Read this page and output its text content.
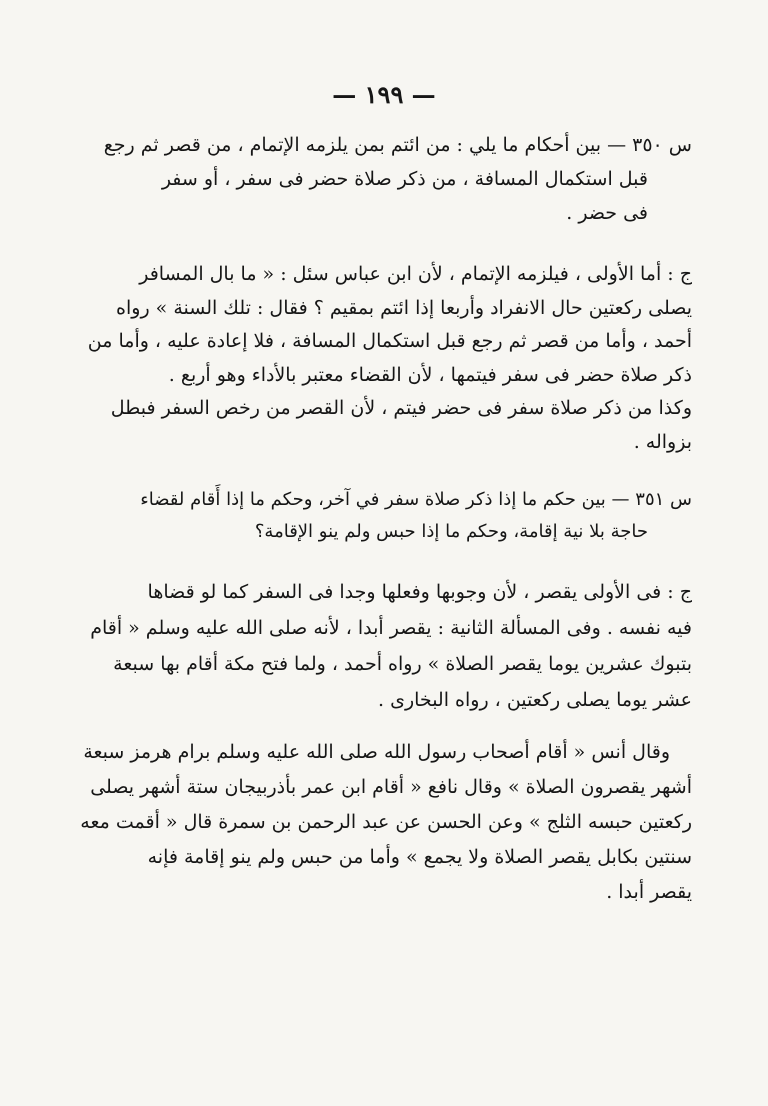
— ١٩٩ —

س ٣٥٠ — بين أحكام ما يلي : من ائتم بمن يلزمه الإتمام ، من قصر ثم رجع
قبل استكمال المسافة ، من ذكر صلاة حضر فى سفر ، أو سفر
فى حضر .

ج : أما الأولى ، فيلزمه الإتمام ، لأن ابن عباس سئل : « ما بال المسافر
يصلى ركعتين حال الانفراد وأربعا إذا ائتم بمقيم ؟ فقال : تلك السنة » رواه
أحمد ، وأما من قصر ثم رجع قبل استكمال المسافة ، فلا إعادة عليه ، وأما من
ذكر صلاة حضر فى سفر فيتمها ، لأن القضاء معتبر بالأداء وهو أربع .
وكذا من ذكر صلاة سفر فى حضر فيتم ، لأن القصر من رخص السفر فبطل
بزواله .

س ٣٥١ — بين حكم ما إذا ذكر صلاة سفر في آخر، وحكم ما إذا أَقام لقضاء
حاجة بلا نية إقامة، وحكم ما إذا حبس ولم ينو الإقامة؟

ج : فى الأولى يقصر ، لأن وجوبها وفعلها وجدا فى السفر كما لو قضاها
فيه نفسه . وفى المسألة الثانية : يقصر أبدا ، لأنه صلى الله عليه وسلم « أقام
بتبوك عشرين يوما يقصر الصلاة » رواه أحمد ، ولما فتح مكة أقام بها سبعة
عشر يوما يصلى ركعتين ، رواه البخارى .

وقال أنس « أقام أصحاب رسول الله صلى الله عليه وسلم برام هرمز سبعة
أشهر يقصرون الصلاة » وقال نافع « أقام ابن عمر بأذربيجان ستة أشهر يصلى
ركعتين حبسه الثلج » وعن الحسن عن عبد الرحمن بن سمرة قال « أقمت معه
سنتين بكابل يقصر الصلاة ولا يجمع » وأما من حبس ولم ينو إقامة فإنه
يقصر أبدا .
